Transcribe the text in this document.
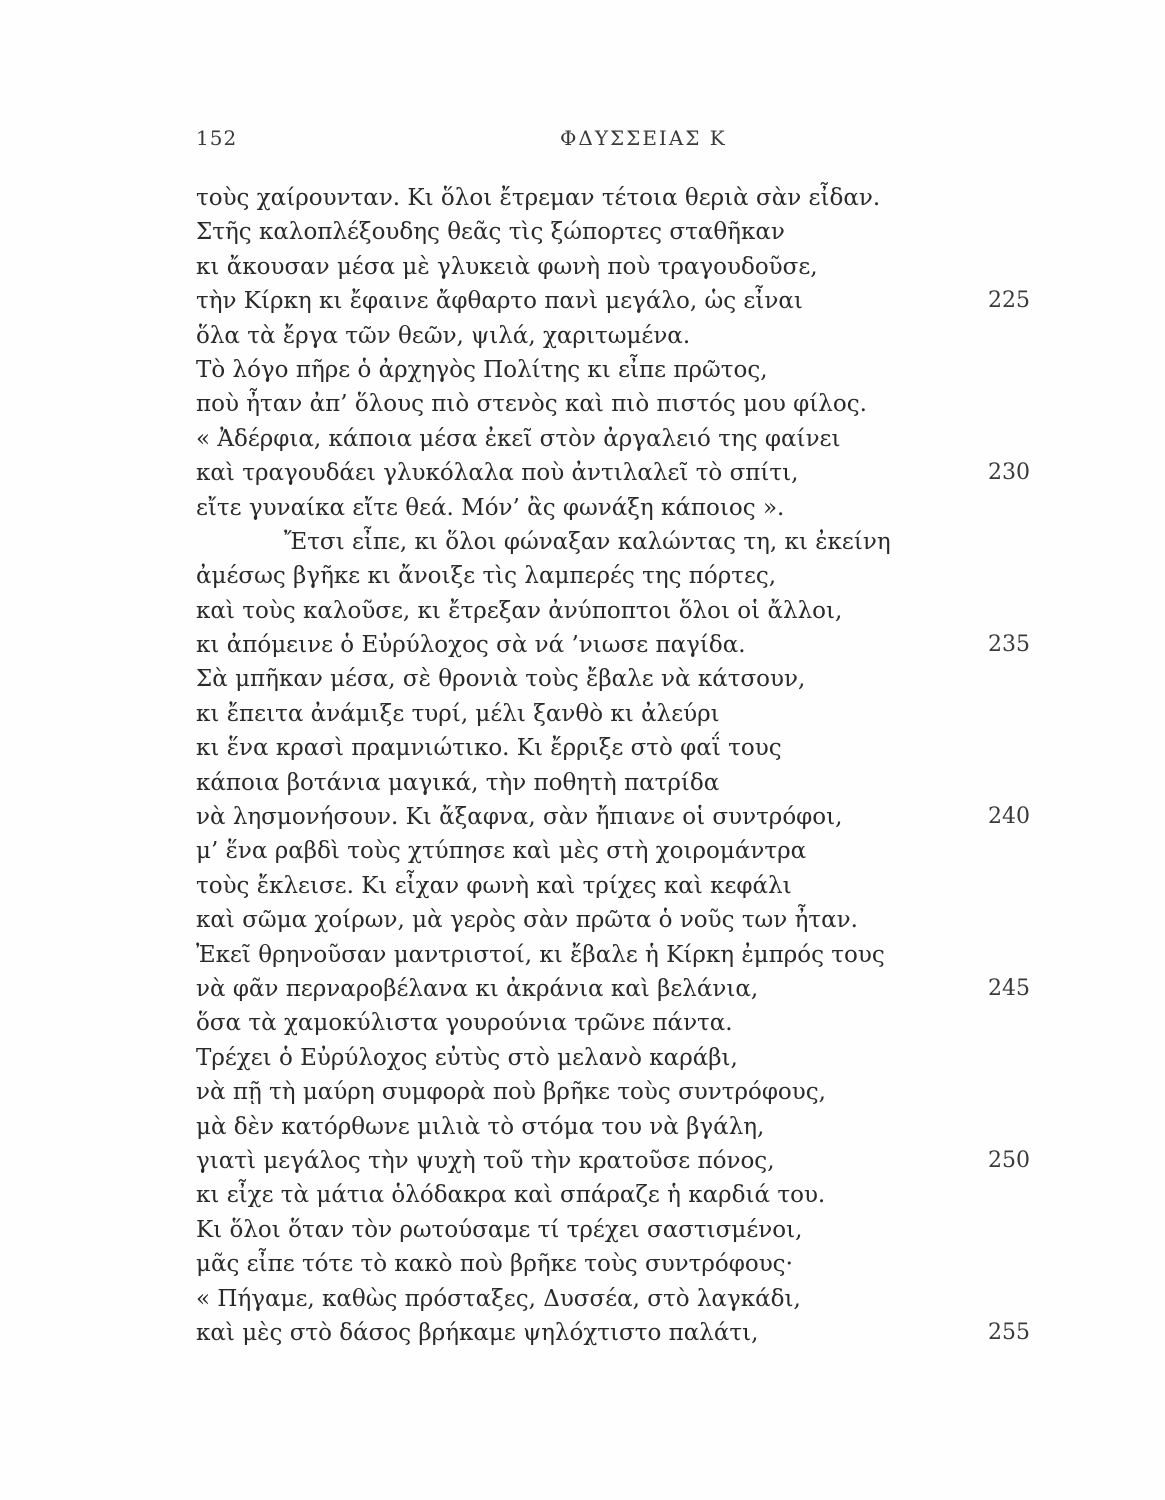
152	ΦΔΥΣΣΕΙΑΣ Κ
τοὺς χαίρουνταν. Κι ὅλοι ἔτρεμαν τέτοια θεριὰ σὰν εἶδαν.
Στῆς καλοπλέξουδης θεᾶς τὶς ξώπορτες σταθῆκαν
κι ἄκουσαν μέσα μὲ γλυκειὰ φωνὴ ποὺ τραγουδοῦσε,
τὴν Κίρκη κι ἔφαινε ἄφθαρτο πανὶ μεγάλο, ὡς εἶναι	225
ὅλα τὰ ἔργα τῶν θεῶν, ψιλά, χαριτωμένα.
Τὸ λόγο πῆρε ὁ ἀρχηγὸς Πολίτης κι εἶπε πρῶτος,
ποὺ ἦταν ἀπ’ ὅλους πιὸ στενὸς καὶ πιὸ πιστός μου φίλος.
« Ἀδέρφια, κάποια μέσα ἐκεῖ στὸν ἀργαλειό της φαίνει
καὶ τραγουδάει γλυκόλαλα ποὺ ἀντιλαλεῖ τὸ σπίτι,	230
εἴτε γυναίκα εἴτε θεά. Μόν’ ἂς φωνάξη κάποιος ».
Ἔτσι εἶπε, κι ὅλοι φώναξαν καλώντας τη, κι ἐκείνη
ἀμέσως βγῆκε κι ἄνοιξε τὶς λαμπερές της πόρτες,
καὶ τοὺς καλοῦσε, κι ἔτρεξαν ἀνύποπτοι ὅλοι οἱ ἄλλοι,
κι ἀπόμεινε ὁ Εὐρύλοχος σὰ νά ’νιωσε παγίδα.	235
Σὰ μπῆκαν μέσα, σὲ θρονιὰ τοὺς ἔβαλε νὰ κάτσουν,
κι ἔπειτα ἀνάμιξε τυρί, μέλι ξανθὸ κι ἀλεύρι
κι ἕνα κρασὶ πραμνιώτικο. Κι ἔρριξε στὸ φαΐ τους
κάποια βοτάνια μαγικά, τὴν ποθητὴ πατρίδα
νὰ λησμονήσουν. Κι ἄξαφνα, σὰν ἤπιανε οἱ συντρόφοι,	240
μ’ ἕνα ραβδὶ τοὺς χτύπησε καὶ μὲς στὴ χοιρομάντρα
τοὺς ἔκλεισε. Κι εἶχαν φωνὴ καὶ τρίχες καὶ κεφάλι
καὶ σῶμα χοίρων, μὰ γερὸς σὰν πρῶτα ὁ νοῦς των ἦταν.
Ἐκεῖ θρηνοῦσαν μαντριστοί, κι ἔβαλε ἡ Κίρκη ἐμπρός τους
νὰ φᾶν περναροβέλανα κι ἀκράνια καὶ βελάνια,	245
ὅσα τὰ χαμοκύλιστα γουρούνια τρῶνε πάντα.
Τρέχει ὁ Εὐρύλοχος εὐτὺς στὸ μελανὸ καράβι,
νὰ πῇ τὴ μαύρη συμφορὰ ποὺ βρῆκε τοὺς συντρόφους,
μὰ δὲν κατόρθωνε μιλιὰ τὸ στόμα του νὰ βγάλη,
γιατὶ μεγάλος τὴν ψυχὴ τοῦ τὴν κρατοῦσε πόνος,	250
κι εἶχε τὰ μάτια ὁλόδακρα καὶ σπάραζε ἡ καρδιά του.
Κι ὅλοι ὅταν τὸν ρωτούσαμε τί τρέχει σαστισμένοι,
μᾶς εἶπε τότε τὸ κακὸ ποὺ βρῆκε τοὺς συντρόφους·
« Πήγαμε, καθὼς πρόσταξες, Δυσσέα, στὸ λαγκάδι,
καὶ μὲς στὸ δάσος βρήκαμε ψηλόχτιστο παλάτι,	255
